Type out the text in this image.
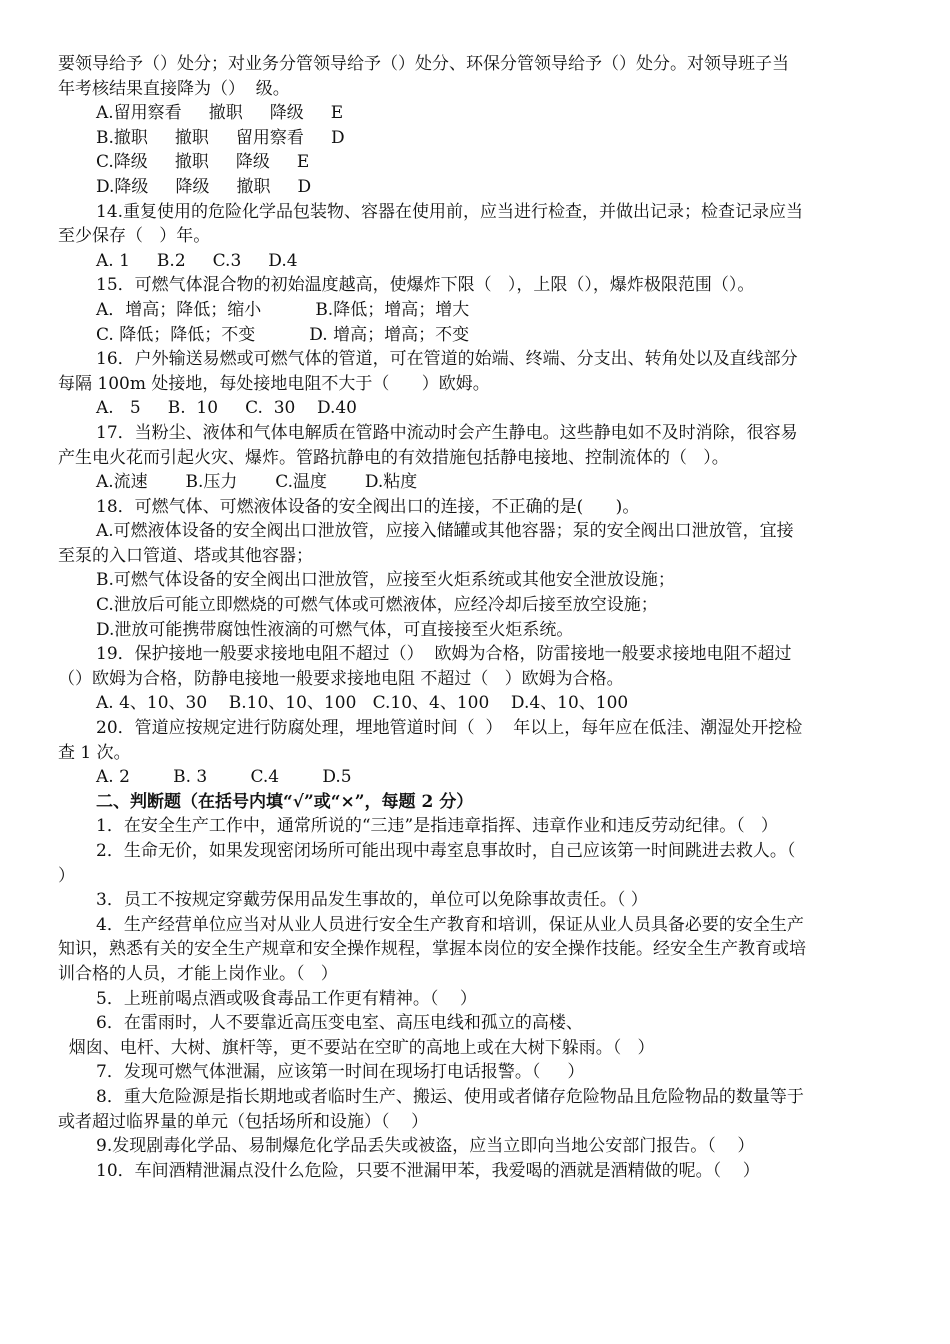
要领导给予（）处分；对业务分管领导给予（）处分、环保分管领导给予（）处分。对领导班子当
年考核结果直接降为（）  级。
A.留用察看     撤职     降级     E
B.撤职     撤职     留用察看     D
C.降级     撤职     降级     E
D.降级     降级     撤职     D
14.重复使用的危险化学品包装物、容器在使用前，应当进行检查，并做出记录；检查记录应当
至少保存（   ）年。
A. 1     B.2     C.3     D.4
15．可燃气体混合物的初始温度越高，使爆炸下限（   ），上限（），爆炸极限范围（）。
A．增高；降低；缩小          B.降低；增高；增大
C. 降低；降低；不变          D. 增高；增高；不变
16．户外输送易燃或可燃气体的管道，可在管道的始端、终端、分支出、转角处以及直线部分
每隔 100m 处接地，每处接地电阻不大于（      ）欧姆。
A.   5     B.  10     C.  30    D.40
17．当粉尘、液体和气体电解质在管路中流动时会产生静电。这些静电如不及时消除，很容易
产生电火花而引起火灾、爆炸。管路抗静电的有效措施包括静电接地、控制流体的（   ）。
A.流速       B.压力       C.温度       D.粘度
18．可燃气体、可燃液体设备的安全阀出口的连接，不正确的是(      )。
A.可燃液体设备的安全阀出口泄放管，应接入储罐或其他容器；泵的安全阀出口泄放管，宜接
至泵的入口管道、塔或其他容器；
B.可燃气体设备的安全阀出口泄放管，应接至火炬系统或其他安全泄放设施；
C.泄放后可能立即燃烧的可燃气体或可燃液体，应经冷却后接至放空设施；
D.泄放可能携带腐蚀性液滴的可燃气体，可直接接至火炬系统。
19．保护接地一般要求接地电阻不超过（）  欧姆为合格，防雷接地一般要求接地电阻不超过
（）欧姆为合格，防静电接地一般要求接地电阻 不超过（   ）欧姆为合格。
A. 4、10、30    B.10、10、100   C.10、4、100    D.4、10、100
20．管道应按规定进行防腐处理，埋地管道时间（  ）  年以上，每年应在低洼、潮湿处开挖检
查 1 次。
A. 2        B. 3        C.4        D.5
二、判断题（在括号内填“√”或“×”，每题 2 分）
1．在安全生产工作中，通常所说的“三违”是指违章指挥、违章作业和违反劳动纪律。（   ）
2．生命无价，如果发现密闭场所可能出现中毒室息事故时，自己应该第一时间跳进去救人。（
）
3．员工不按规定穿戴劳保用品发生事故的，单位可以免除事故责任。（ ）
4．生产经营单位应当对从业人员进行安全生产教育和培训，保证从业人员具备必要的安全生产
知识，熟悉有关的安全生产规章和安全操作规程，掌握本岗位的安全操作技能。经安全生产教育或培
训合格的人员，才能上岗作业。（   ）
5．上班前喝点酒或吸食毒品工作更有精神。（    ）
6．在雷雨时，人不要靠近高压变电室、高压电线和孤立的高楼、
烟囱、电杆、大树、旗杆等，更不要站在空旷的高地上或在大树下躲雨。（   ）
7．发现可燃气体泄漏，应该第一时间在现场打电话报警。（     ）
8．重大危险源是指长期地或者临时生产、搬运、使用或者储存危险物品且危险物品的数量等于
或者超过临界量的单元（包括场所和设施）（    ）
9.发现剧毒化学品、易制爆危化学品丢失或被盗，应当立即向当地公安部门报告。（    ）
10．车间酒精泄漏点没什么危险，只要不泄漏甲苯，我爱喝的酒就是酒精做的呢。（    ）
